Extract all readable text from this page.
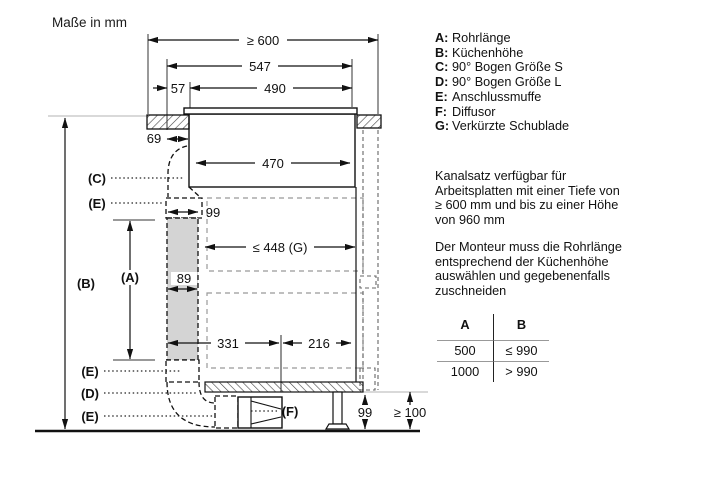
Maße in mm
≥ 600
547
57	490
69
470
99
≤ 448 (G)
89
331	216
99 ≥ 100
(C)
(E)
(B) (A)
(E)
(D)
(E)	(F)
A: Rohrlänge
B: Küchenhöhe
C: 90° Bogen Größe S
D: 90° Bogen Größe L
E: Anschlussmuffe
F: Diffusor
G: Verkürzte Schublade
Kanalsatz verfügbar für
Arbeitsplatten mit einer Tiefe von
≥ 600 mm und bis zu einer Höhe
von 960 mm
Der Monteur muss die Rohrlänge
entsprechend der Küchenhöhe
auswählen und gegebenenfalls
zuschneiden
A	B
500	≤ 990
1000	> 990
